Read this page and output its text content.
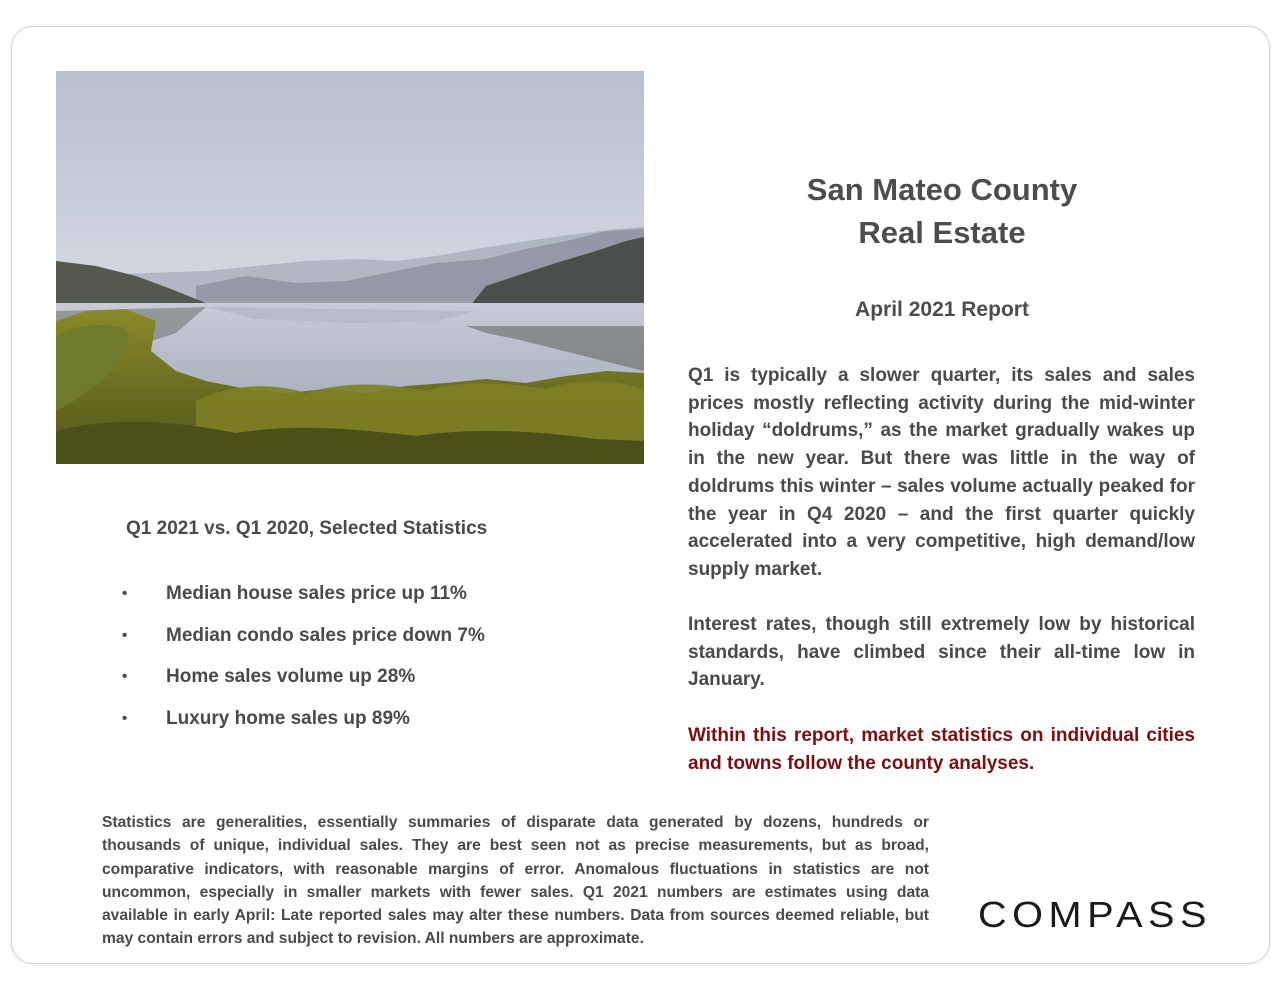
San Mateo County
Real Estate
April 2021 Report

Q1 is typically a slower quarter, its sales and sales prices mostly reflecting activity during the mid-winter holiday “doldrums,” as the market gradually wakes up in the new year. But there was little in the way of doldrums this winter – sales volume actually peaked for the year in Q4 2020 – and the first quarter quickly accelerated into a very competitive, high demand/low supply market.

Interest rates, though still extremely low by historical standards, have climbed since their all-time low in January.

Within this report, market statistics on individual cities and towns follow the county analyses.

Q1 2021 vs. Q1 2020, Selected Statistics
• Median house sales price up 11%
• Median condo sales price down 7%
• Home sales volume up 28%
• Luxury home sales up 89%

Statistics are generalities, essentially summaries of disparate data generated by dozens, hundreds or thousands of unique, individual sales. They are best seen not as precise measurements, but as broad, comparative indicators, with reasonable margins of error. Anomalous fluctuations in statistics are not uncommon, especially in smaller markets with fewer sales. Q1 2021 numbers are estimates using data available in early April: Late reported sales may alter these numbers. Data from sources deemed reliable, but may contain errors and subject to revision. All numbers are approximate.

COMPASS
